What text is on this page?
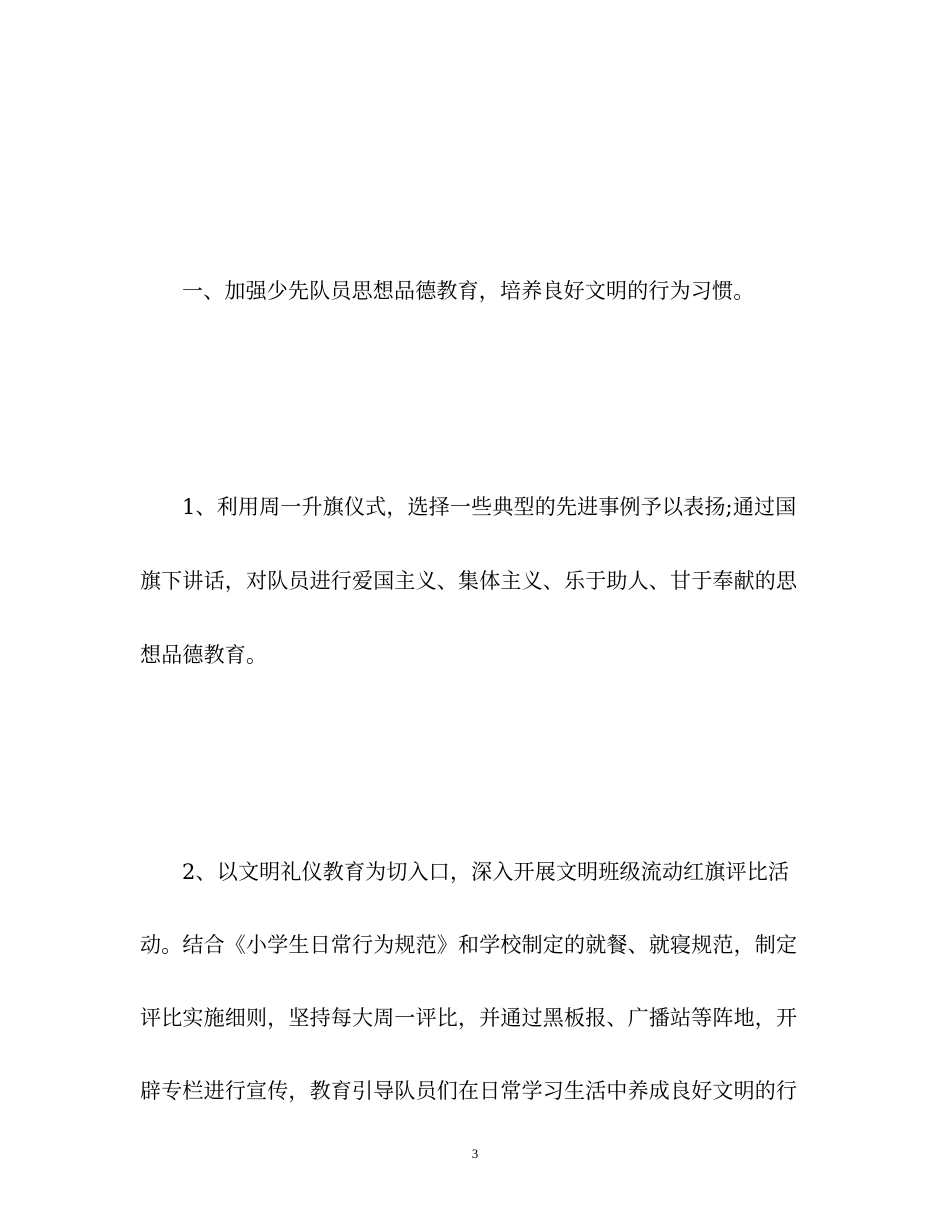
一、加强少先队员思想品德教育，培养良好文明的行为习惯。
1、利用周一升旗仪式，选择一些典型的先进事例予以表扬;通过国
旗下讲话，对队员进行爱国主义、集体主义、乐于助人、甘于奉献的思
想品德教育。
2、以文明礼仪教育为切入口，深入开展文明班级流动红旗评比活
动。结合《小学生日常行为规范》和学校制定的就餐、就寝规范，制定
评比实施细则，坚持每大周一评比，并通过黑板报、广播站等阵地，开
辟专栏进行宣传，教育引导队员们在日常学习生活中养成良好文明的行
3
